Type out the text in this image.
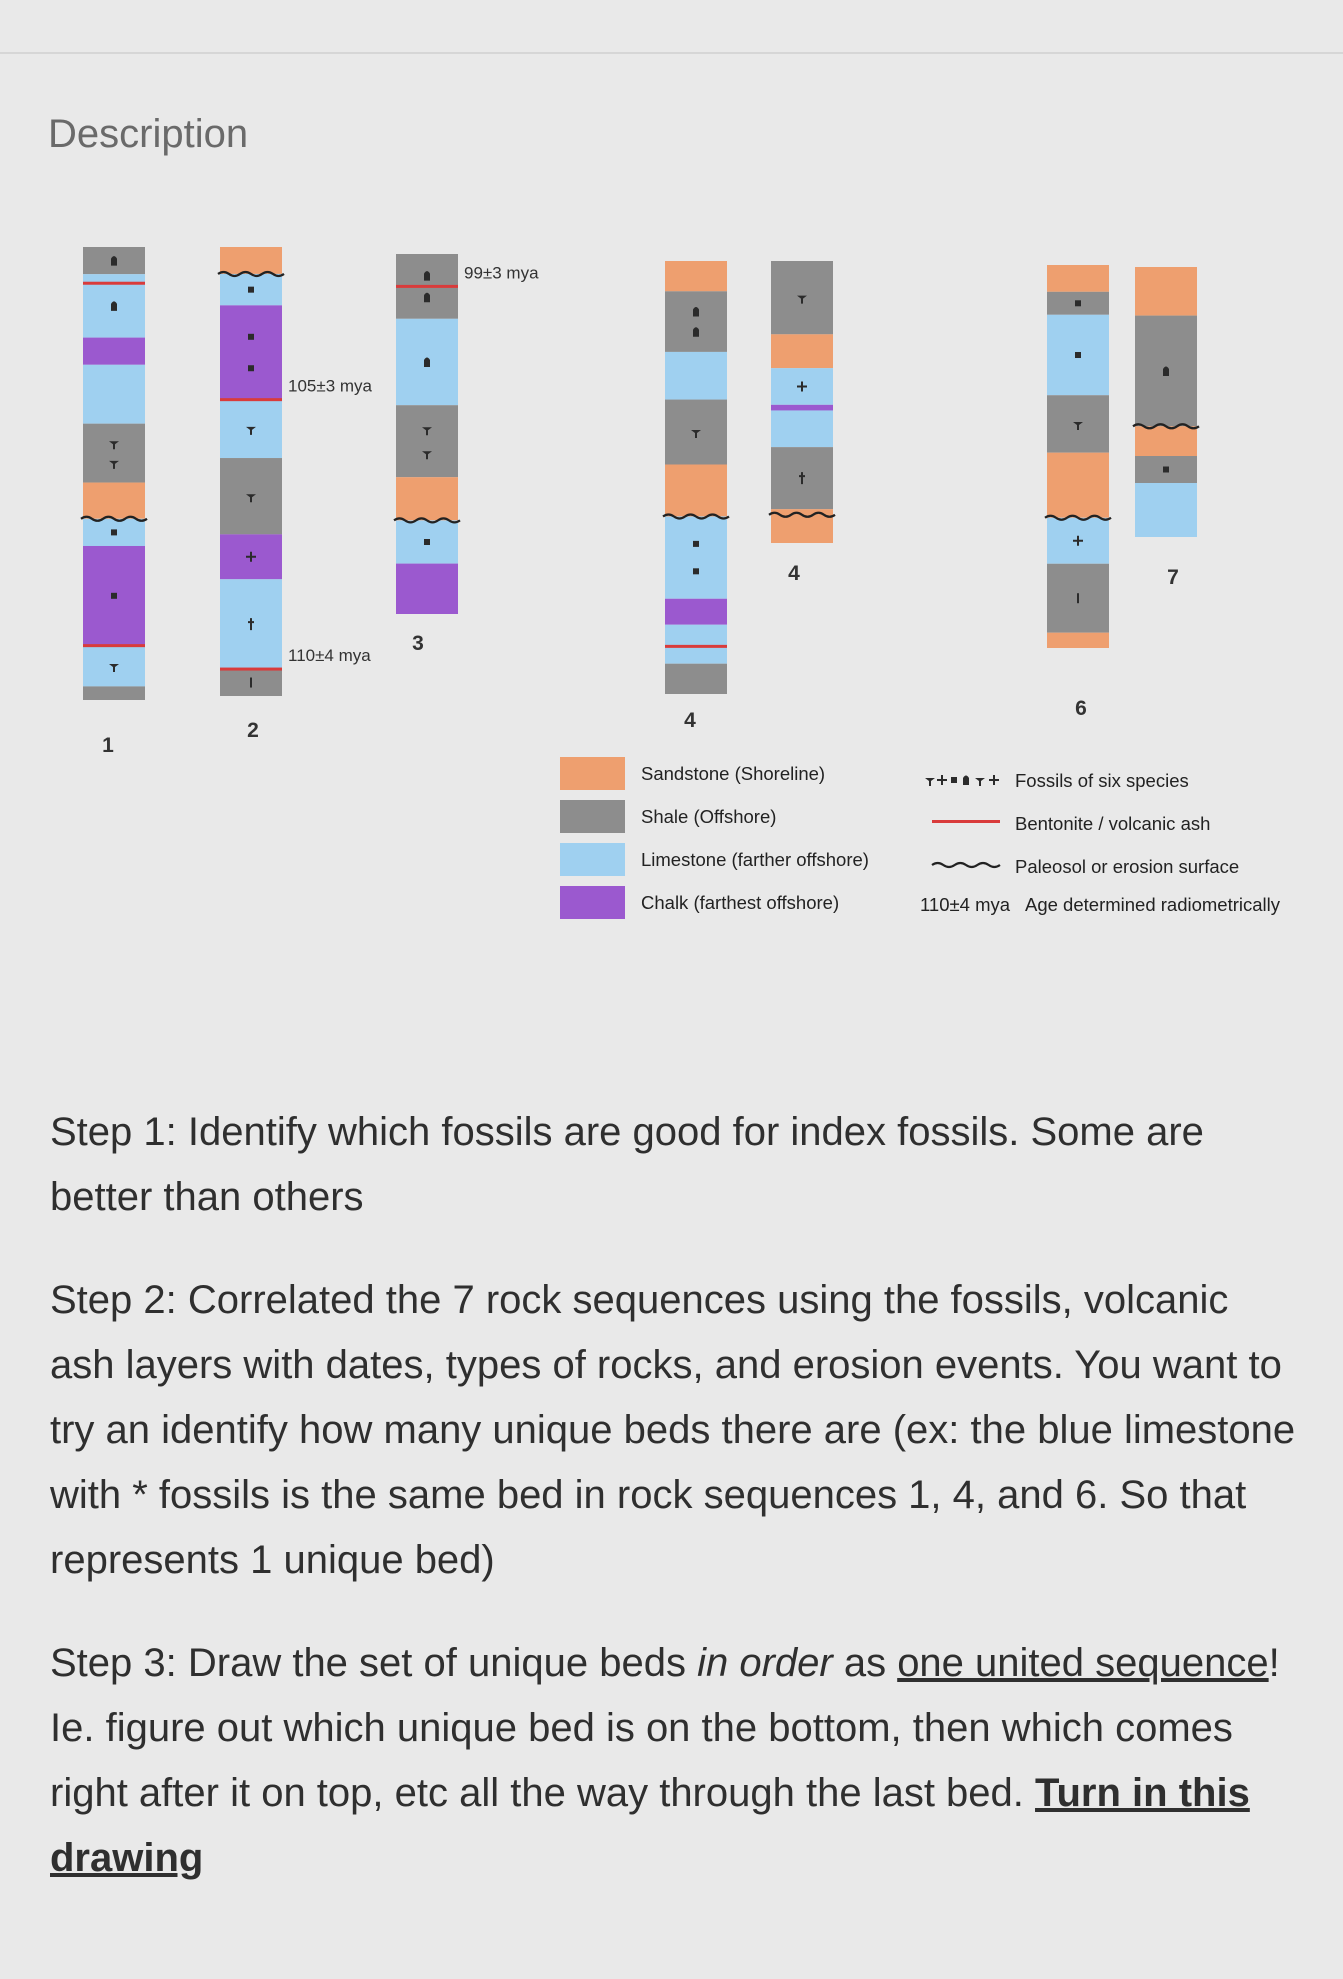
Description
1
105±3 mya
110±4 mya
2
99±3 mya
3
4
4
6
7
Sandstone (Shoreline)
Shale (Offshore)
Limestone (farther offshore)
Chalk (farthest offshore)
Fossils of six species
Bentonite / volcanic ash
Paleosol or erosion surface
110±4 mya Age determined radiometrically

Step 1: Identify which fossils are good for index fossils. Some are better than others

Step 2: Correlated the 7 rock sequences using the fossils, volcanic ash layers with dates, types of rocks, and erosion events. You want to try an identify how many unique beds there are (ex: the blue limestone with * fossils is the same bed in rock sequences 1, 4, and 6. So that represents 1 unique bed)

Step 3: Draw the set of unique beds in order as one united sequence! Ie. figure out which unique bed is on the bottom, then which comes right after it on top, etc all the way through the last bed. Turn in this drawing
